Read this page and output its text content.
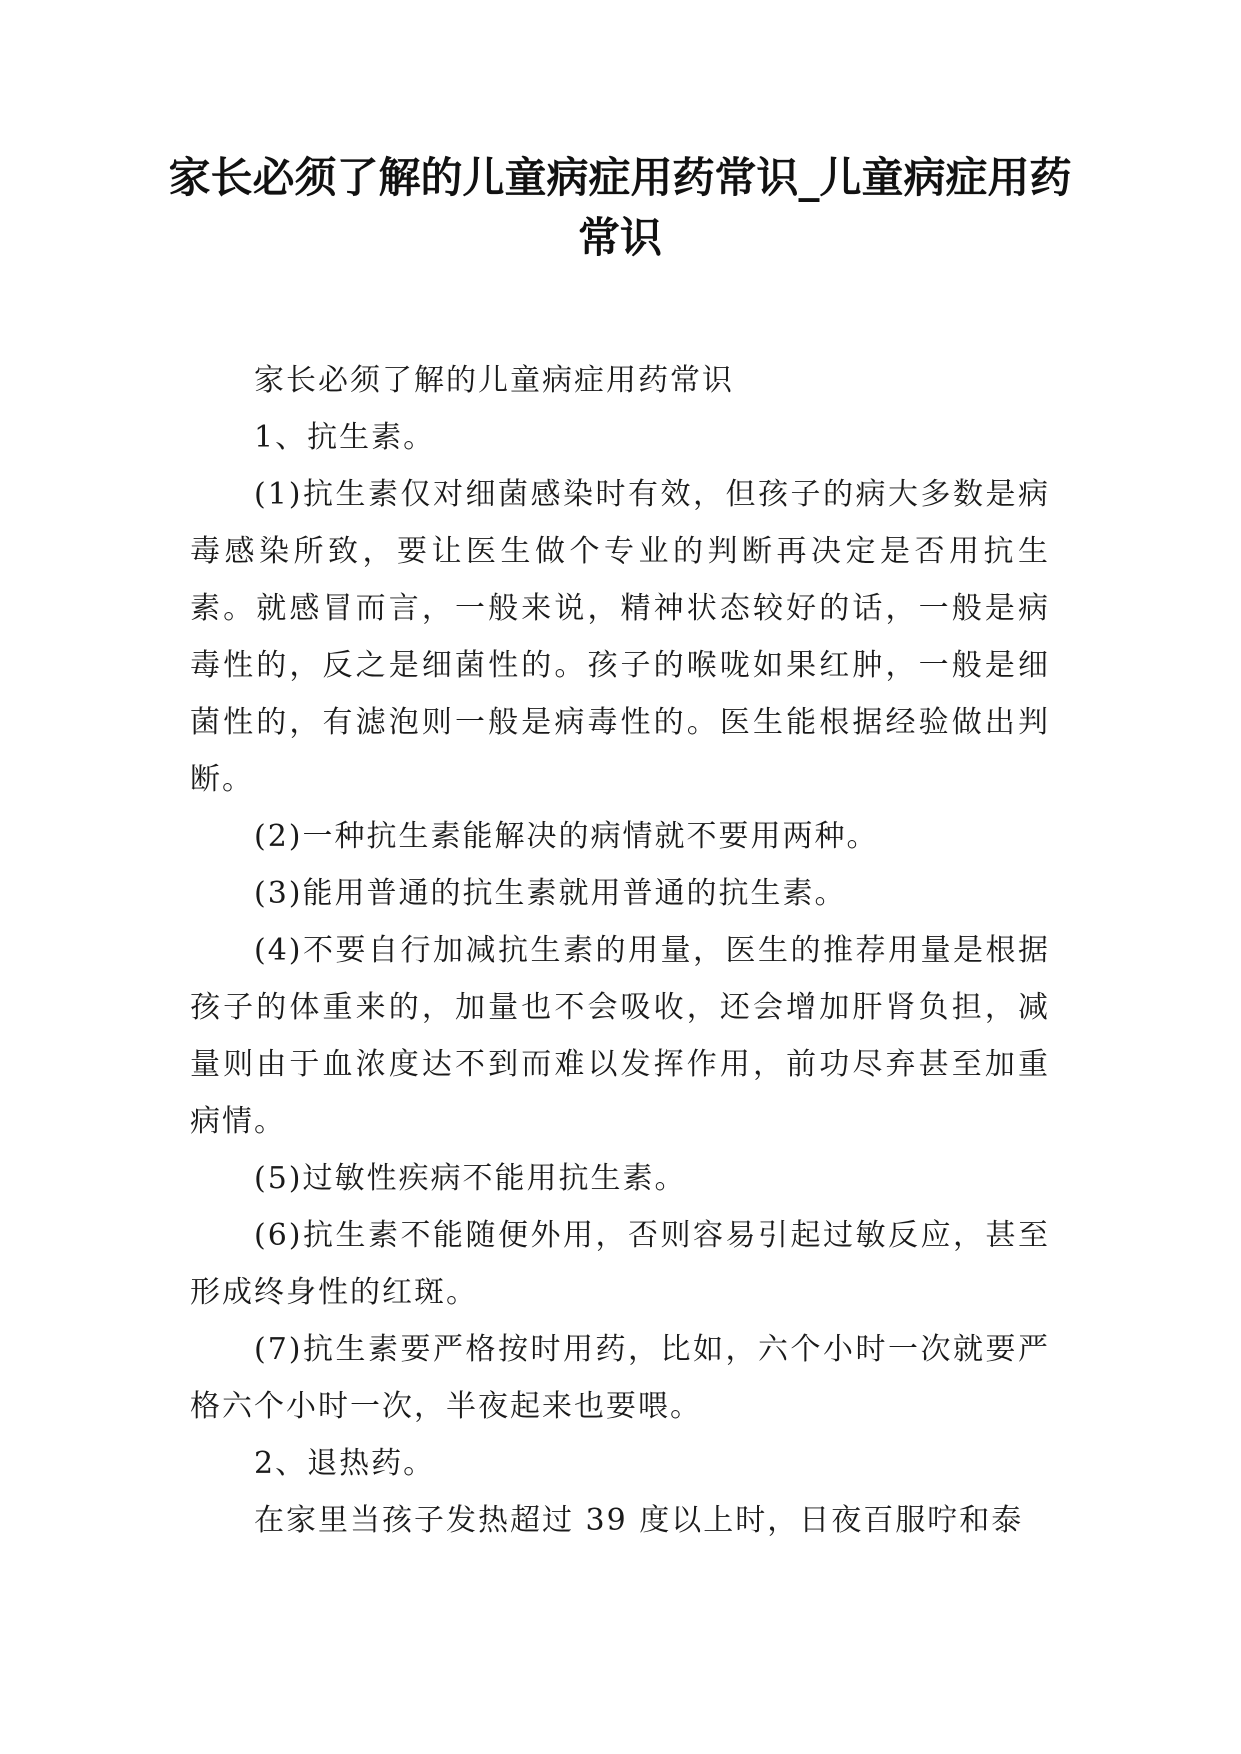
家长必须了解的儿童病症用药常识_儿童病症用药常识

家长必须了解的儿童病症用药常识

1、抗生素。

(1)抗生素仅对细菌感染时有效，但孩子的病大多数是病毒感染所致，要让医生做个专业的判断再决定是否用抗生素。就感冒而言，一般来说，精神状态较好的话，一般是病毒性的，反之是细菌性的。孩子的喉咙如果红肿，一般是细菌性的，有滤泡则一般是病毒性的。医生能根据经验做出判断。

(2)一种抗生素能解决的病情就不要用两种。

(3)能用普通的抗生素就用普通的抗生素。

(4)不要自行加减抗生素的用量，医生的推荐用量是根据孩子的体重来的，加量也不会吸收，还会增加肝肾负担，减量则由于血浓度达不到而难以发挥作用，前功尽弃甚至加重病情。

(5)过敏性疾病不能用抗生素。

(6)抗生素不能随便外用，否则容易引起过敏反应，甚至形成终身性的红斑。

(7)抗生素要严格按时用药，比如，六个小时一次就要严格六个小时一次，半夜起来也要喂。

2、退热药。

在家里当孩子发热超过 39 度以上时，日夜百服咛和泰
